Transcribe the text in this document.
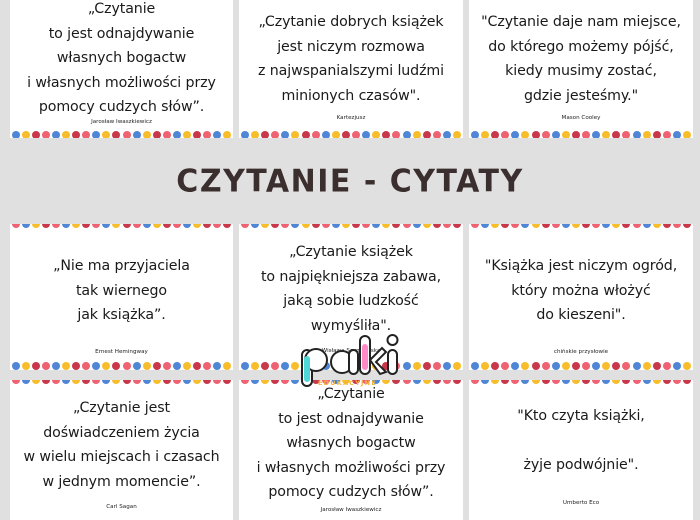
„Czytanie
to jest odnajdywanie
własnych bogactw
i własnych możliwości przy
pomocy cudzych słów”.
Jarosław Iwaszkiewicz
„Czytanie dobrych książek
jest niczym rozmowa
z najwspanialszymi ludźmi
minionych czasów".
Kartezjusz
"Czytanie daje nam miejsce,
do którego możemy pójść,
kiedy musimy zostać,
gdzie jesteśmy."
Mason Cooley
CZYTANIE - CYTATY
„Nie ma przyjaciela
tak wiernego
jak książka”.
Ernest Hemingway
„Czytanie książek
to najpiękniejsza zabawa,
jaką sobie ludzkość
wymyśliła".
Wisława
"Książka jest niczym ogród,
który można włożyć
do kieszeni".
chińskie przysłowie
„Czytanie jest
doświadczeniem życia
w wielu miejscach i czasach
w jednym momencie”.
Carl Sagan
„Czytanie
to jest odnajdywanie
własnych bogactw
i własnych możliwości przy
pomocy cudzych słów”.
Jarosław Iwaszkiewicz
"Kto czyta książki,

żyje podwójnie".
Umberto Eco
EDUKACYJNE
